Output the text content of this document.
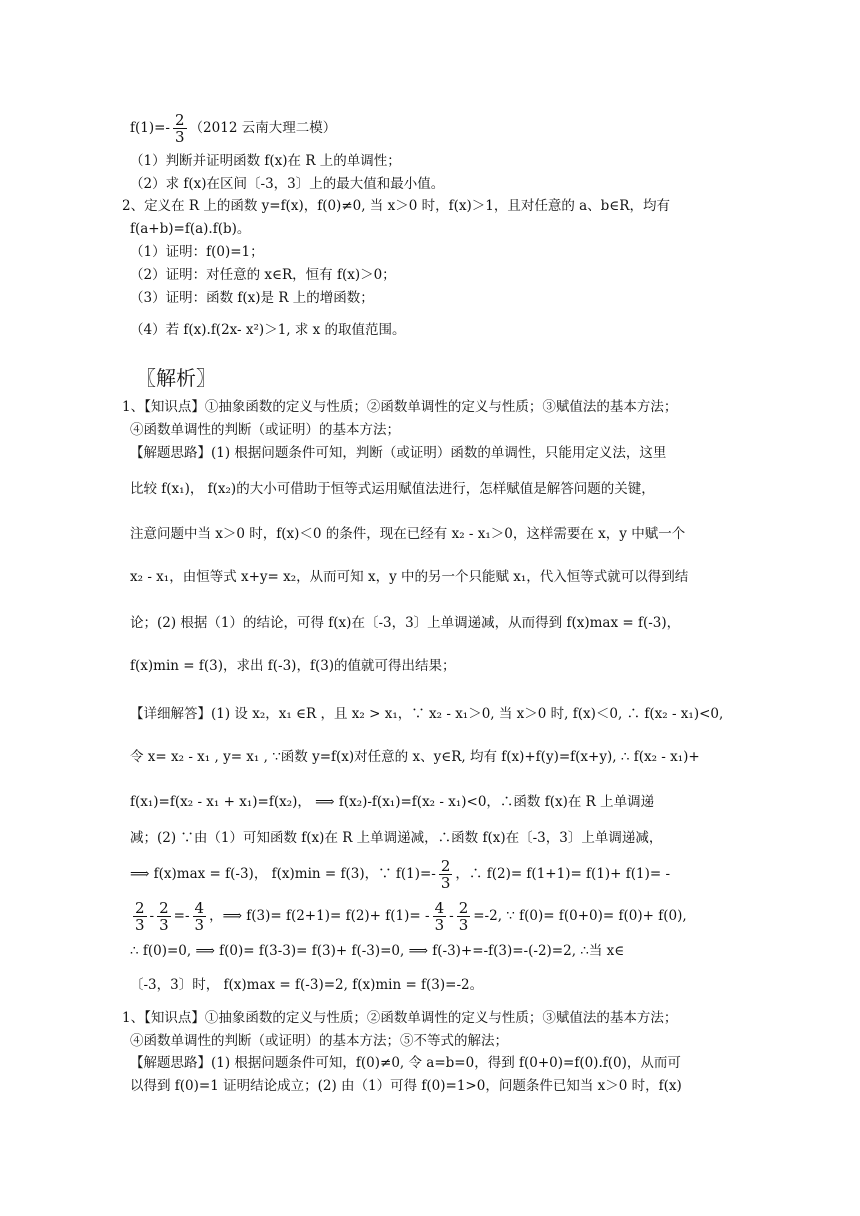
$f(1)=- \frac{2}{3} (2012$ 云南大理二模）
（1）判断并证明函数 f(x)在 R 上的单调性；
（2）求 f(x)在区间〔-3，3〕上的最大值和最小值。
2、定义在 R 上的函数 y=f(x)，f(0)≠0, 当 x＞0 时，f(x)＞1，且对任意的 a、b∈R，均有
f(a+b)=f(a).f(b)。
（1）证明：f(0)=1；
（2）证明：对任意的 x∈R，恒有 f(x)＞0；
（3）证明：函数 f(x)是 R 上的增函数；
（4）若 f(x).f(2x- x²)＞1, 求 x 的取值范围。
〖解析〗
1、【知识点】①抽象函数的定义与性质；②函数单调性的定义与性质；③赋值法的基本方法；
④函数单调性的判断（或证明）的基本方法；
【解题思路】(1) 根据问题条件可知，判断（或证明）函数的单调性，只能用定义法，这里
比较 f(x₁)， f(x₂)的大小可借助于恒等式运用赋值法进行，怎样赋值是解答问题的关键，
注意问题中当 x＞0 时，f(x)＜0 的条件，现在已经有 x₂ - x₁＞0，这样需要在 x，y 中赋一个
x₂ - x₁，由恒等式 x+y= x₂，从而可知 x，y 中的另一个只能赋 x₁，代入恒等式就可以得到结
论；(2) 根据（1）的结论，可得 f(x)在〔-3，3〕上单调递减，从而得到 f(x)max = f(-3)，
f(x)min = f(3)，求出 f(-3)，f(3)的值就可得出结果；
【详细解答】(1) 设 x₂，x₁ ∈R ，且 x₂ > x₁，∵ x₂ - x₁＞0, 当 x＞0 时, f(x)＜0, ∴ f(x₂ - x₁)<0,
令 x= x₂ - x₁ , y= x₁ , ∵函数 y=f(x)对任意的 x、y∈R, 均有 f(x)+f(y)=f(x+y), ∴ f(x₂ - x₁)+
f(x₁)=f(x₂ - x₁ + x₁)=f(x₂)， ⟹ f(x₂)-f(x₁)=f(x₂ - x₁)<0，∴函数 f(x)在 R 上单调递
减；(2) ∵由（1）可知函数 f(x)在 R 上单调递减，∴函数 f(x)在〔-3，3〕上单调递减，
⟹ f(x)max = f(-3)， f(x)min = f(3)，∵ $f(1)=- \frac{2}{3}$ ，∴ f(2)= f(1+1)= f(1)+ f(1)= -
$\frac{2}{3} - \frac{2}{3} =- \frac{4}{3}$ ，⟹ $f(3)= f(2+1)= f(2)+ f(1)= - \frac{4}{3} - \frac{2}{3} =-2$, ∵ f(0)= f(0+0)= f(0)+ f(0),
∴ f(0)=0, ⟹ f(0)= f(3-3)= f(3)+ f(-3)=0, ⟹ f(-3)+=-f(3)=-(-2)=2, ∴当 x∈
〔-3，3〕时， f(x)max = f(-3)=2, f(x)min = f(3)=-2。
1、【知识点】①抽象函数的定义与性质；②函数单调性的定义与性质；③赋值法的基本方法；
④函数单调性的判断（或证明）的基本方法；⑤不等式的解法；
【解题思路】(1) 根据问题条件可知，f(0)≠0, 令 a=b=0，得到 f(0+0)=f(0).f(0)，从而可
以得到 f(0)=1 证明结论成立；(2) 由（1）可得 f(0)=1>0，问题条件已知当 x＞0 时，f(x)
